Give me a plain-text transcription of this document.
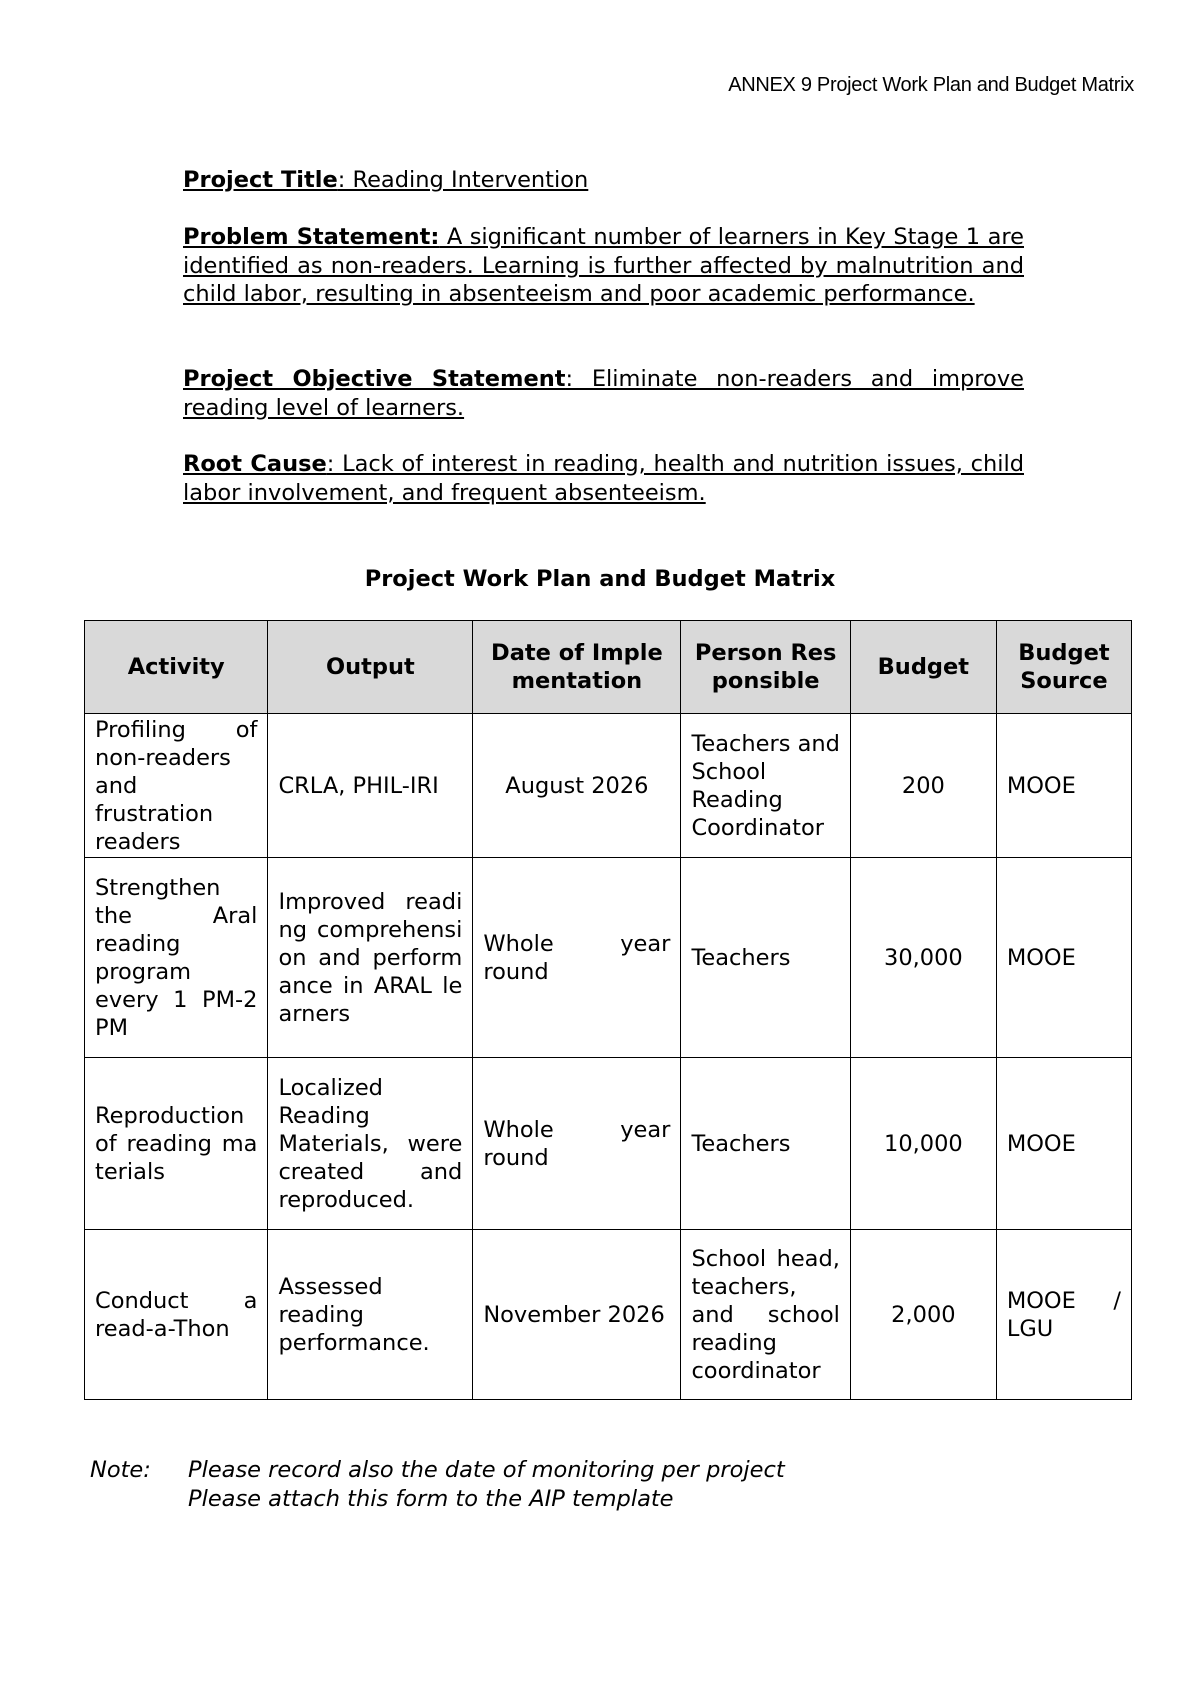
ANNEX 9 Project Work Plan and Budget Matrix

Project Title: Reading Intervention

Problem Statement: A significant number of learners in Key Stage 1 are identified as non-readers. Learning is further affected by malnutrition and child labor, resulting in absenteeism and poor academic performance.

Project Objective Statement: Eliminate non-readers and improve reading level of learners.

Root Cause: Lack of interest in reading, health and nutrition issues, child labor involvement, and frequent absenteeism.

Project Work Plan and Budget Matrix
Activity	Output	Date of Implementation	Person Responsible	Budget	Budget Source
Profiling of non-readers and frustration readers	CRLA, PHIL-IRI	August 2026	Teachers and School Reading Coordinator	200	MOOE
Strengthen the Aral reading program every 1 PM-2 PM	Improved reading comprehension and performance in ARAL learners	Whole year round	Teachers	30,000	MOOE
Reproduction of reading materials	Localized Reading Materials, were created and reproduced.	Whole year round	Teachers	10,000	MOOE
Conduct a read-a-Thon	Assessed reading performance.	November 2026	School head, teachers, and school reading coordinator	2,000	MOOE / LGU
Note: Please record also the date of monitoring per project
Please attach this form to the AIP template
